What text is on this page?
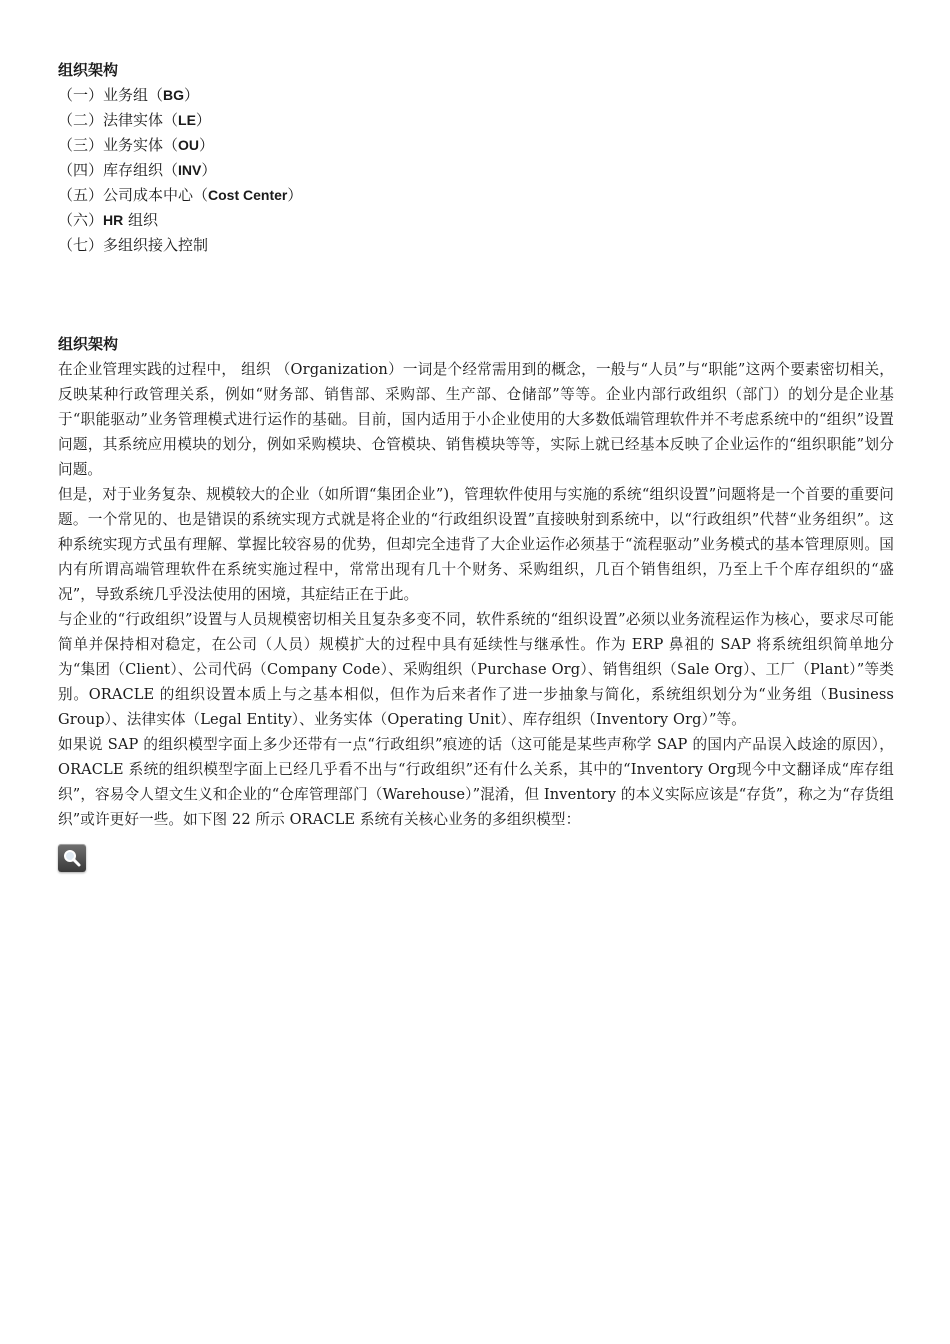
组织架构
（一）业务组（BG）
（二）法律实体（LE）
（三）业务实体（OU）
（四）库存组织（INV）
（五）公司成本中心（Cost Center）
（六）HR 组织
（七）多组织接入控制
组织架构

在企业管理实践的过程中， 组织 （Organization）一词是个经常需用到的概念，一般与“人员”与“职能”这两个要素密切相关，反映某种行政管理关系，例如“财务部、销售部、采购部、生产部、仓储部”等等。企业内部行政组织（部门）的划分是企业基于“职能驱动”业务管理模式进行运作的基础。目前，国内适用于小企业使用的大多数低端管理软件并不考虑系统中的“组织”设置问题，其系统应用模块的划分，例如采购模块、仓管模块、销售模块等等，实际上就已经基本反映了企业运作的“组织职能”划分问题。

但是，对于业务复杂、规模较大的企业（如所谓“集团企业”)，管理软件使用与实施的系统“组织设置”问题将是一个首要的重要问题。一个常见的、也是错误的系统实现方式就是将企业的“行政组织设置”直接映射到系统中，以“行政组织”代替“业务组织”。这种系统实现方式虽有理解、掌握比较容易的优势，但却完全违背了大企业运作必须基于“流程驱动”业务模式的基本管理原则。国内有所谓高端管理软件在系统实施过程中，常常出现有几十个财务、采购组织，几百个销售组织，乃至上千个库存组织的“盛况”，导致系统几乎没法使用的困境，其症结正在于此。

与企业的“行政组织”设置与人员规模密切相关且复杂多变不同，软件系统的“组织设置”必须以业务流程运作为核心，要求尽可能简单并保持相对稳定，在公司（人员）规模扩大的过程中具有延续性与继承性。作为 ERP 鼻祖的 SAP 将系统组织简单地分为“集团（Client）、公司代码（Company Code）、采购组织（Purchase Org）、销售组织（Sale Org）、工厂（Plant）”等类别。ORACLE 的组织设置本质上与之基本相似，但作为后来者作了进一步抽象与简化，系统组织划分为“业务组（Business Group）、法律实体（Legal Entity）、业务实体（Operating Unit）、库存组织（Inventory Org）”等。

如果说 SAP 的组织模型字面上多少还带有一点“行政组织”痕迹的话（这可能是某些声称学 SAP 的国内产品误入歧途的原因），ORACLE 系统的组织模型字面上已经几乎看不出与“行政组织”还有什么关系，其中的“Inventory Org现今中文翻译成“库存组织”，容易令人望文生义和企业的“仓库管理部门（Warehouse）”混淆，但 Inventory 的本义实际应该是“存货”，称之为“存货组织”或许更好一些。如下图 22 所示 ORACLE 系统有关核心业务的多组织模型：
